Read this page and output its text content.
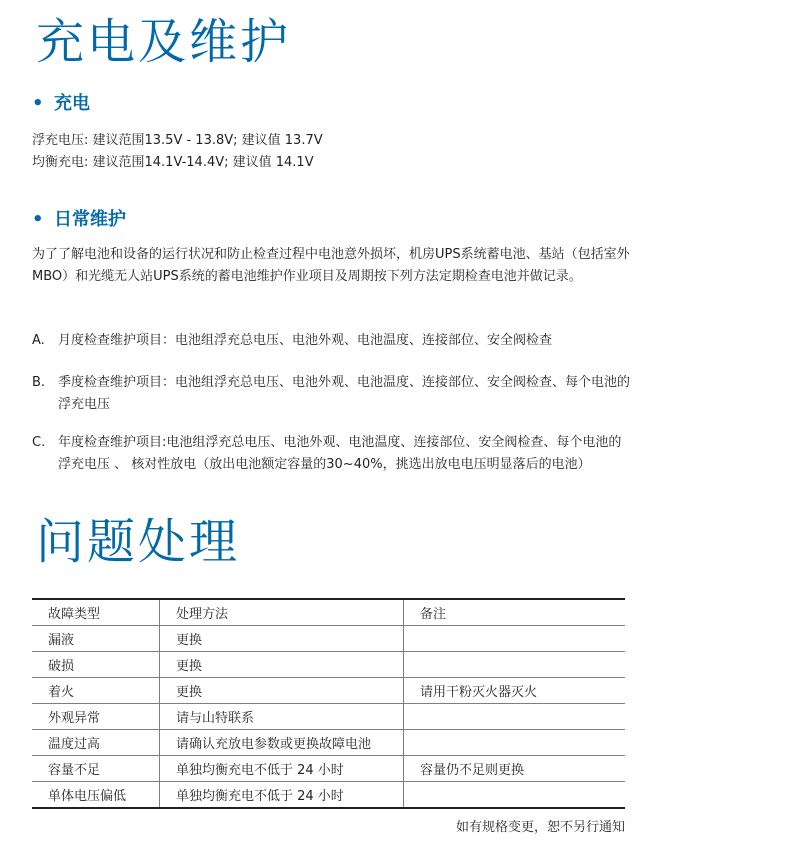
充电及维护
• 充电

浮充电压: 建议范围13.5V - 13.8V; 建议值 13.7V

均衡充电: 建议范围14.1V-14.4V; 建议值 14.1V

• 日常维护

为了了解电池和设备的运行状况和防止检查过程中电池意外损坏，机房UPS系统蓄电池、基站（包括室外MBO）和光缆无人站UPS系统的蓄电池维护作业项目及周期按下列方法定期检查电池并做记录。

A.	月度检查维护项目：电池组浮充总电压、电池外观、电池温度、连接部位、安全阀检查
B. 季度检查维护项目：电池组浮充总电压、电池外观、电池温度、连接部位、安全阀检查、每个电池的浮充电压
C. 年度检查维护项目:电池组浮充总电压、电池外观、电池温度、连接部位、安全阀检查、每个电池的浮充电压 、 核对性放电（放出电池额定容量的30~40%，挑选出放电电压明显落后的电池）
问题处理
故障类型	处理方法	备注
漏液	更换	
破损	更换	
着火	更换	请用干粉灭火器灭火
外观异常	请与山特联系	
温度过高	请确认充放电参数或更换故障电池	
容量不足	单独均衡充电不低于 24 小时	容量仍不足则更换
单体电压偏低	单独均衡充电不低于 24 小时	

如有规格变更，恕不另行通知
